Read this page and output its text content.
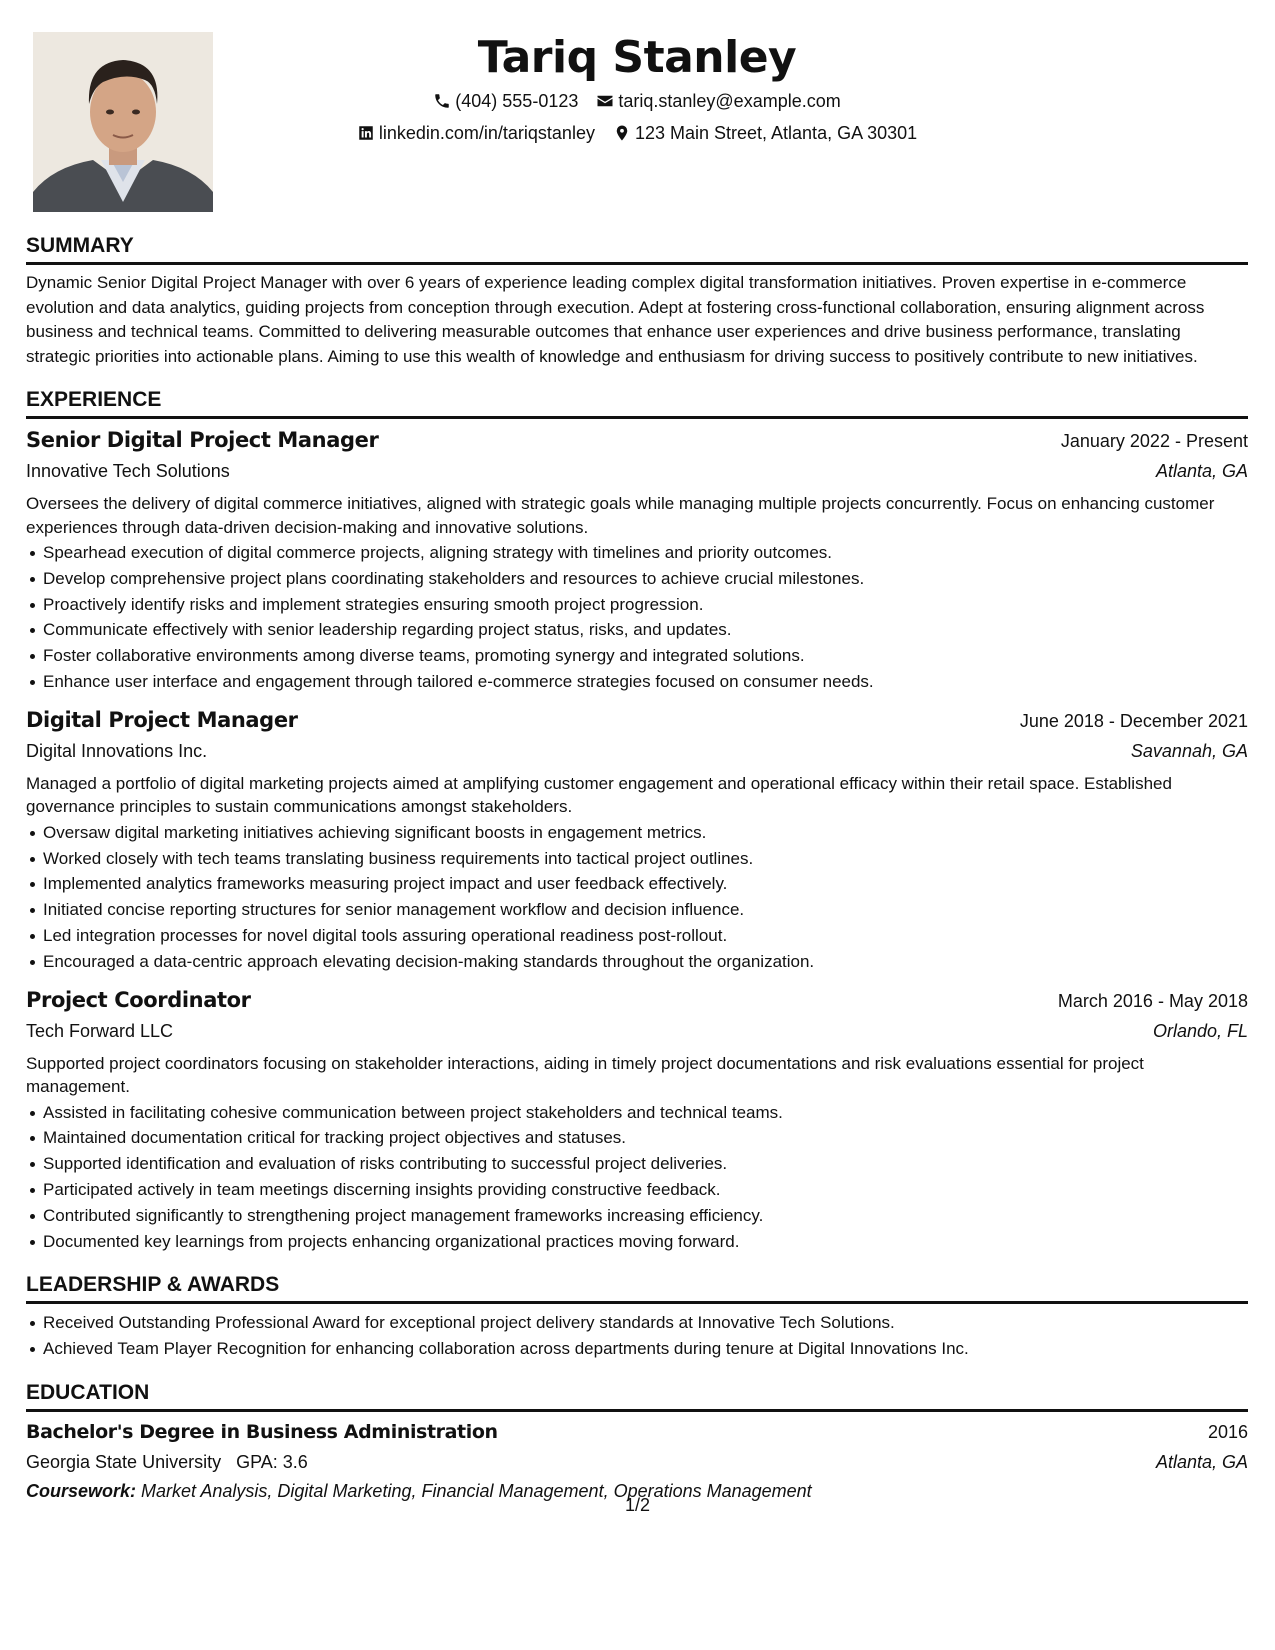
Tariq Stanley
(404) 555-0123 tariq.stanley@example.com
linkedin.com/in/tariqstanley 123 Main Street, Atlanta, GA 30301
SUMMARY

Dynamic Senior Digital Project Manager with over 6 years of experience leading complex digital transformation initiatives. Proven expertise in e-commerce evolution and data analytics, guiding projects from conception through execution. Adept at fostering cross-functional collaboration, ensuring alignment across business and technical teams. Committed to delivering measurable outcomes that enhance user experiences and drive business performance, translating strategic priorities into actionable plans. Aiming to use this wealth of knowledge and enthusiasm for driving success to positively contribute to new initiatives.

EXPERIENCE
Senior Digital Project Manager	January 2022 - Present
Innovative Tech Solutions	Atlanta, GA

Oversees the delivery of digital commerce initiatives, aligned with strategic goals while managing multiple projects concurrently. Focus on enhancing customer experiences through data-driven decision-making and innovative solutions.

Spearhead execution of digital commerce projects, aligning strategy with timelines and priority outcomes.
Develop comprehensive project plans coordinating stakeholders and resources to achieve crucial milestones.
Proactively identify risks and implement strategies ensuring smooth project progression.
Communicate effectively with senior leadership regarding project status, risks, and updates.
Foster collaborative environments among diverse teams, promoting synergy and integrated solutions.
Enhance user interface and engagement through tailored e-commerce strategies focused on consumer needs.
Digital Project Manager	June 2018 - December 2021
Digital Innovations Inc.	Savannah, GA

Managed a portfolio of digital marketing projects aimed at amplifying customer engagement and operational efficacy within their retail space. Established governance principles to sustain communications amongst stakeholders.

Oversaw digital marketing initiatives achieving significant boosts in engagement metrics.
Worked closely with tech teams translating business requirements into tactical project outlines.
Implemented analytics frameworks measuring project impact and user feedback effectively.
Initiated concise reporting structures for senior management workflow and decision influence.
Led integration processes for novel digital tools assuring operational readiness post-rollout.
Encouraged a data-centric approach elevating decision-making standards throughout the organization.
Project Coordinator	March 2016 - May 2018
Tech Forward LLC	Orlando, FL

Supported project coordinators focusing on stakeholder interactions, aiding in timely project documentations and risk evaluations essential for project management.

Assisted in facilitating cohesive communication between project stakeholders and technical teams.
Maintained documentation critical for tracking project objectives and statuses.
Supported identification and evaluation of risks contributing to successful project deliveries.
Participated actively in team meetings discerning insights providing constructive feedback.
Contributed significantly to strengthening project management frameworks increasing efficiency.
Documented key learnings from projects enhancing organizational practices moving forward.
LEADERSHIP & AWARDS
Received Outstanding Professional Award for exceptional project delivery standards at Innovative Tech Solutions.
Achieved Team Player Recognition for enhancing collaboration across departments during tenure at Digital Innovations Inc.
EDUCATION
Bachelor's Degree in Business Administration	2016
Georgia State University GPA: 3.6	Atlanta, GA
Coursework: Market Analysis, Digital Marketing, Financial Management, Operations Management
1/2
